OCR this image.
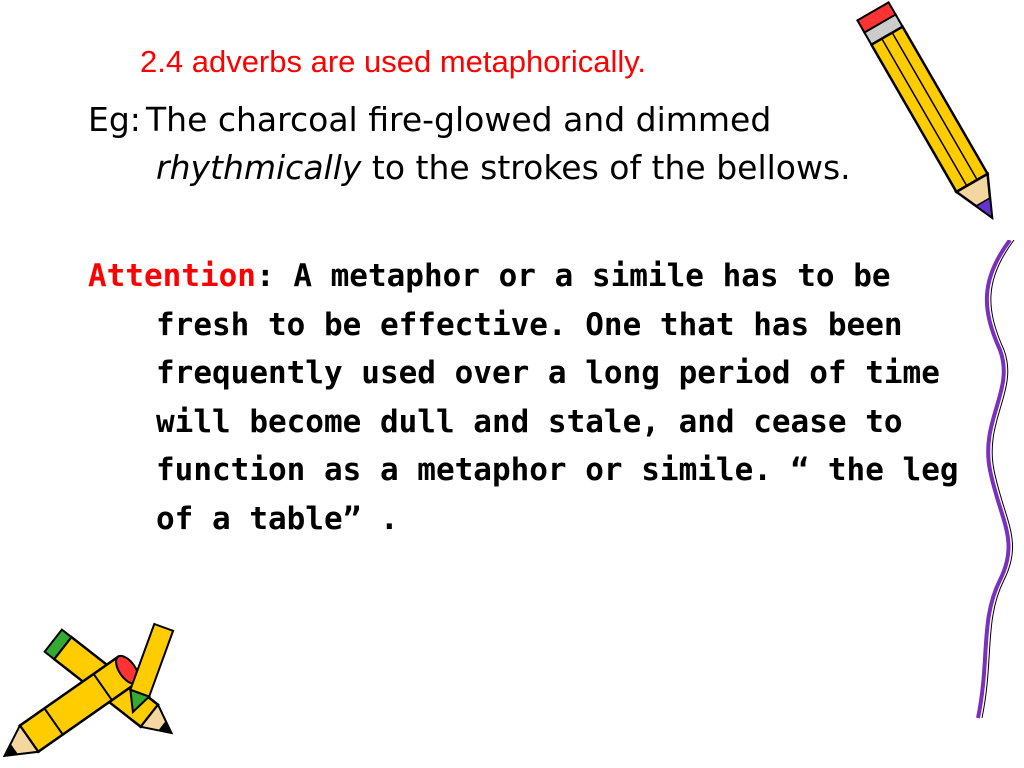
2.4 adverbs are used metaphorically.
Eg: The charcoal fire-glowed and dimmed rhythmically to the strokes of the bellows.
Attention: A metaphor or a simile has to be fresh to be effective. One that has been frequently used over a long period of time will become dull and stale, and cease to function as a metaphor or simile. “ the leg of a table” .
